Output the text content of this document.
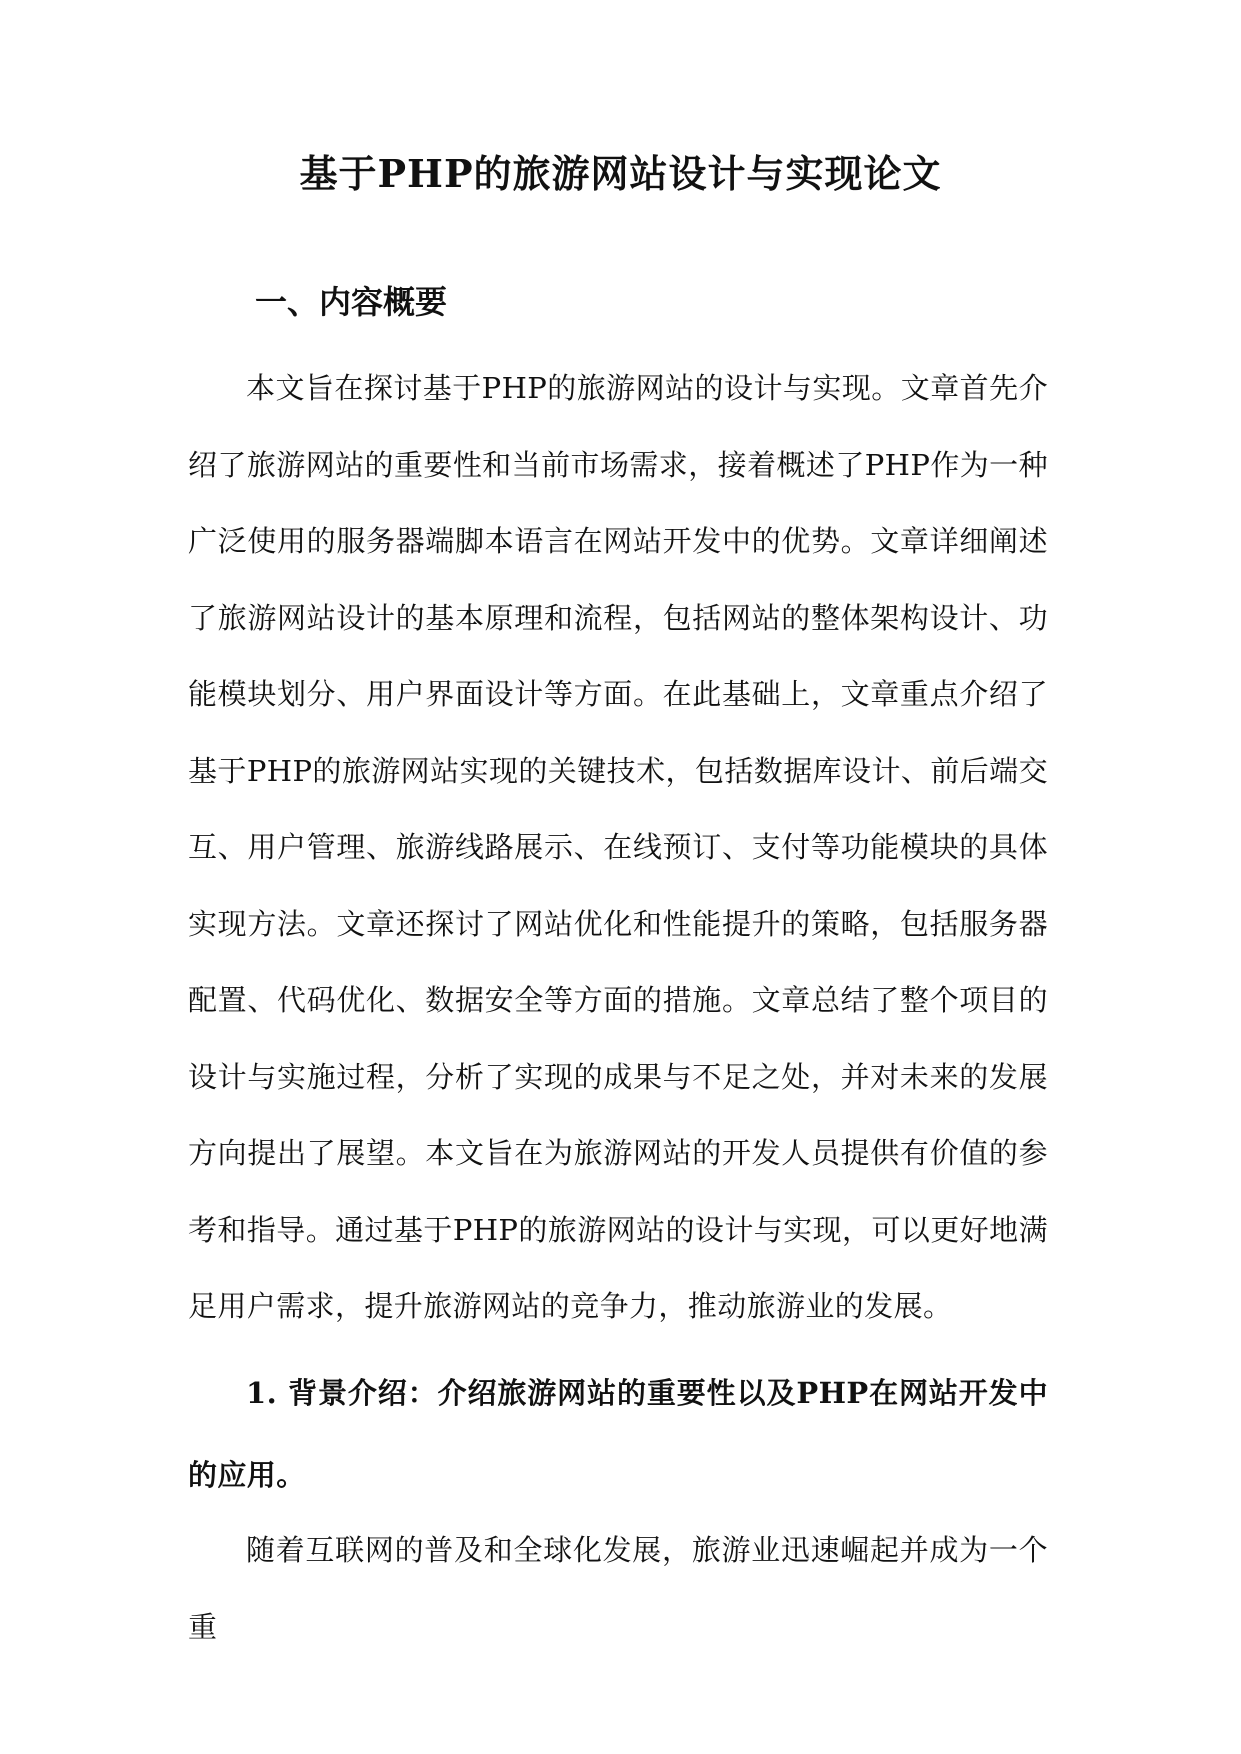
基于PHP的旅游网站设计与实现论文
一、内容概要

本文旨在探讨基于PHP的旅游网站的设计与实现。文章首先介绍了旅游网站的重要性和当前市场需求，接着概述了PHP作为一种广泛使用的服务器端脚本语言在网站开发中的优势。文章详细阐述了旅游网站设计的基本原理和流程，包括网站的整体架构设计、功能模块划分、用户界面设计等方面。在此基础上，文章重点介绍了基于PHP的旅游网站实现的关键技术，包括数据库设计、前后端交互、用户管理、旅游线路展示、在线预订、支付等功能模块的具体实现方法。文章还探讨了网站优化和性能提升的策略，包括服务器配置、代码优化、数据安全等方面的措施。文章总结了整个项目的设计与实施过程，分析了实现的成果与不足之处，并对未来的发展方向提出了展望。本文旨在为旅游网站的开发人员提供有价值的参考和指导。通过基于PHP的旅游网站的设计与实现，可以更好地满足用户需求，提升旅游网站的竞争力，推动旅游业的发展。

1. 背景介绍：介绍旅游网站的重要性以及PHP在网站开发中的应用。

随着互联网的普及和全球化发展，旅游业迅速崛起并成为一个重
